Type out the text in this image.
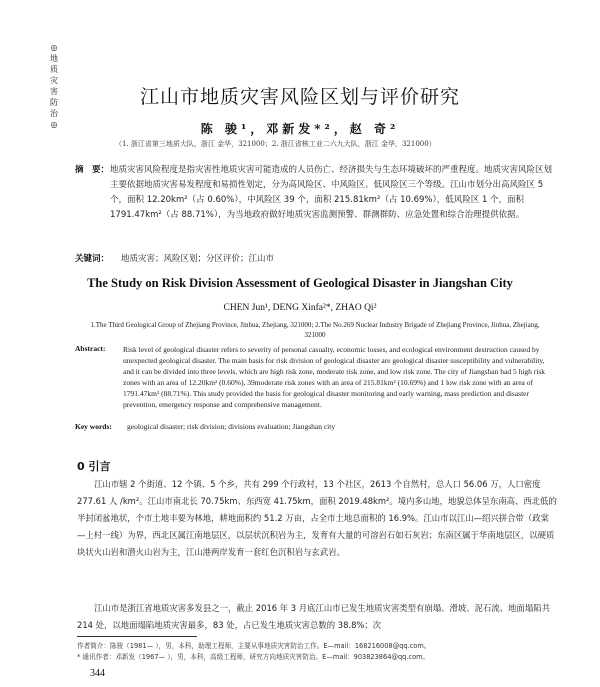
◎
地
质
灾
害
防
治
◎
江山市地质灾害风险区划与评价研究
陈 骏¹，邓新发*²，赵 奇²
（1. 浙江省第三地质大队，浙江 金华，321000；2. 浙江省核工业二六九大队，浙江 金华，321000）
摘　要： 地质灾害风险程度是指灾害性地质灾害可能造成的人员伤亡、经济损失与生态环境破坏的严重程度。地质灾害风险区划主要依据地质灾害易发程度和易损性划定，分为高风险区、中风险区、低风险区三个等级。江山市划分出高风险区 5 个，面积 12.20km²（占 0.60%），中风险区 39 个，面积 215.81km²（占 10.69%），低风险区 1 个，面积 1791.47km²（占 88.71%），为当地政府做好地质灾害监测预警、群测群防、应急处置和综合治理提供依据。
关键词： 地质灾害；风险区划；分区评价；江山市
The Study on Risk Division Assessment of Geological Disaster in Jiangshan City
CHEN Jun¹, DENG Xinfa²*, ZHAO Qi²
1.The Third Geological Group of Zhejiang Province, Jinhua, Zhejiang, 321000; 2.The No.269 Nuclear Industry Brigade of Zhejiang Province, Jinhua, Zhejiang, 321000
Abstract: Risk level of geological disaster refers to severity of personal casualty, economic losses, and ecological environment destruction caused by unexpected geological disaster. The main basis for risk division of geological disaster are geological disaster susceptibility and vulnerability, and it can be divided into three levels, which are high risk zone, moderate risk zone, and low risk zone. The city of Jiangshan had 5 high risk zones with an area of 12.20km² (0.60%), 39moderate risk zones with an area of 215.81km² (10.69%) and 1 low risk zone with an area of 1791.47km² (88.71%). This study provided the basis for geological disaster monitoring and early warning, mass prediction and disaster prevention, emergency response and comprehensive management.
Key words: geological disaster; risk division; divisions evaluation; Jiangshan city
0 引言
江山市辖 2 个街道、12 个镇、5 个乡，共有 299 个行政村，13 个社区，2613 个自然村，总人口 56.06 万，人口密度 277.61 人 /km²。江山市南北长 70.75km、东西宽 41.75km，面积 2019.48km²。境内多山地，地貌总体呈东南高、西北低的半封闭盆地状，个市土地丰要为林地，耕地面积约 51.2 万亩，占全市土地总面积的 16.9%。江山市以江山—绍兴拼合带（政棠—上村一线）为界，西北区属江南地层区，以层状沉积岩为主，发育有大量的可溶岩石如石灰岩；东南区属于华南地层区，以硬质块状火山岩和潜火山岩为主，江山港两岸发育一套红色沉积岩与玄武岩。
江山市是浙江省地质灾害多发县之一，截止 2016 年 3 月底江山市已发生地质灾害类型有崩塌、滑坡、泥石流、地面塌陷共 214 处，以地面塌陷地质灾害最多，83 处，占已发生地质灾害总数的 38.8%；次
作者简介：陈骏（1981— ），男，本科，助理工程师，主要从事地质灾害防治工作。E—mail：168216008@qq.com。
* 通讯作者：邓新发（1967— ），男，本科，高级工程师，研究方向地质灾害防治。E—mail：903823864@qq.com。
344
